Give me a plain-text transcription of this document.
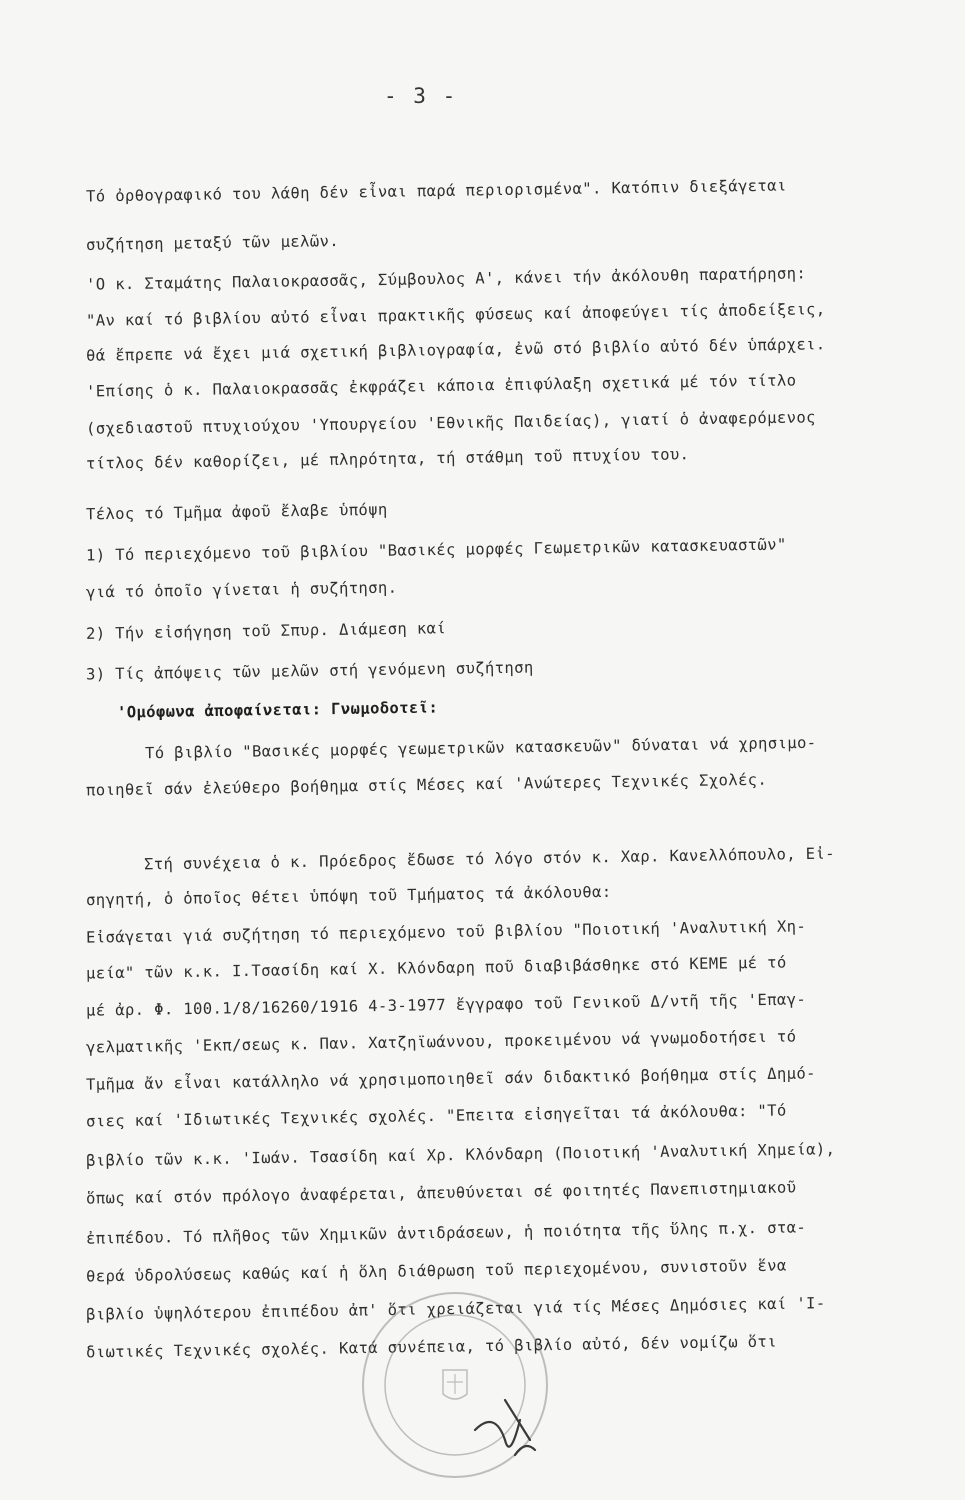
- 3 -
Τό ὀρθογραφικό του λάθη δέν εἶναι παρά περιορισμένα". Κατόπιν διεξάγεται
συζήτηση μεταξύ τῶν μελῶν.
'Ο κ. Σταμάτης Παλαιοκρασσᾶς, Σύμβουλος Α', κάνει τήν ἀκόλουθη παρατήρηση:
"Αν καί τό βιβλίου αὐτό εἶναι πρακτικῆς φύσεως καί ἀποφεύγει τίς ἀποδείξεις,
θά ἔπρεπε νά ἔχει μιά σχετική βιβλιογραφία, ἐνῶ στό βιβλίο αὐτό δέν ὑπάρχει.
'Επίσης ὁ κ. Παλαιοκρασσᾶς ἐκφράζει κάποια ἐπιφύλαξη σχετικά μέ τόν τίτλο
(σχεδιαστοῦ πτυχιούχου 'Υπουργείου 'Εθνικῆς Παιδείας), γιατί ὁ ἀναφερόμενος
τίτλος δέν καθορίζει, μέ πληρότητα, τή στάθμη τοῦ πτυχίου του.
Τέλος τό Τμῆμα ἀφοῦ ἔλαβε ὑπόψη
1) Τό περιεχόμενο τοῦ βιβλίου "Βασικές μορφές Γεωμετρικῶν κατασκευαστῶν"
γιά τό ὁποῖο γίνεται ἡ συζήτηση.
2) Τήν εἰσήγηση τοῦ Σπυρ. Διάμεση καί
3) Τίς ἀπόψεις τῶν μελῶν στή γενόμενη συζήτηση
'Ομόφωνα ἀποφαίνεται: Γνωμοδοτεῖ:
Τό βιβλίο "Βασικές μορφές γεωμετρικῶν κατασκευῶν" δύναται νά χρησιμο-
ποιηθεῖ σάν ἐλεύθερο βοήθημα στίς Μέσες καί 'Ανώτερες Τεχνικές Σχολές.
Στή συνέχεια ὁ κ. Πρόεδρος ἔδωσε τό λόγο στόν κ. Χαρ. Κανελλόπουλο, Εἰ-
σηγητή, ὁ ὁποῖος θέτει ὑπόψη τοῦ Τμήματος τά ἀκόλουθα:
Εἰσάγεται γιά συζήτηση τό περιεχόμενο τοῦ βιβλίου "Ποιοτική 'Αναλυτική Χη-
μεία" τῶν κ.κ. Ι.Τσασίδη καί Χ. Κλόνδαρη ποῦ διαβιβάσθηκε στό ΚΕΜΕ μέ τό
μέ ἀρ. Φ. 100.1/8/16260/1916 4-3-1977 ἔγγραφο τοῦ Γενικοῦ Δ/ντῆ τῆς 'Επαγ-
γελματικῆς 'Εκπ/σεως κ. Παν. Χατζηϊωάννου, προκειμένου νά γνωμοδοτήσει τό
Τμῆμα ἄν εἶναι κατάλληλο νά χρησιμοποιηθεῖ σάν διδακτικό βοήθημα στίς Δημό-
σιες καί 'Ιδιωτικές Τεχνικές σχολές. "Επειτα εἰσηγεῖται τά ἀκόλουθα: "Τό
βιβλίο τῶν κ.κ. 'Ιωάν. Τσασίδη καί Χρ. Κλόνδαρη (Ποιοτική 'Αναλυτική Χημεία),
ὅπως καί στόν πρόλογο ἀναφέρεται, ἀπευθύνεται σέ φοιτητές Πανεπιστημιακοῦ
ἐπιπέδου. Τό πλῆθος τῶν Χημικῶν ἀντιδράσεων, ἡ ποιότητα τῆς ὕλης π.χ. στα-
θερά ὑδρολύσεως καθώς καί ἡ ὅλη διάθρωση τοῦ περιεχομένου, συνιστοῦν ἕνα
βιβλίο ὑψηλότερου ἐπιπέδου ἀπ' ὅτι χρειάζεται γιά τίς Μέσες Δημόσιες καί 'Ι-
διωτικές Τεχνικές σχολές. Κατά συνέπεια, τό βιβλίο αὐτό, δέν νομίζω ὅτι
